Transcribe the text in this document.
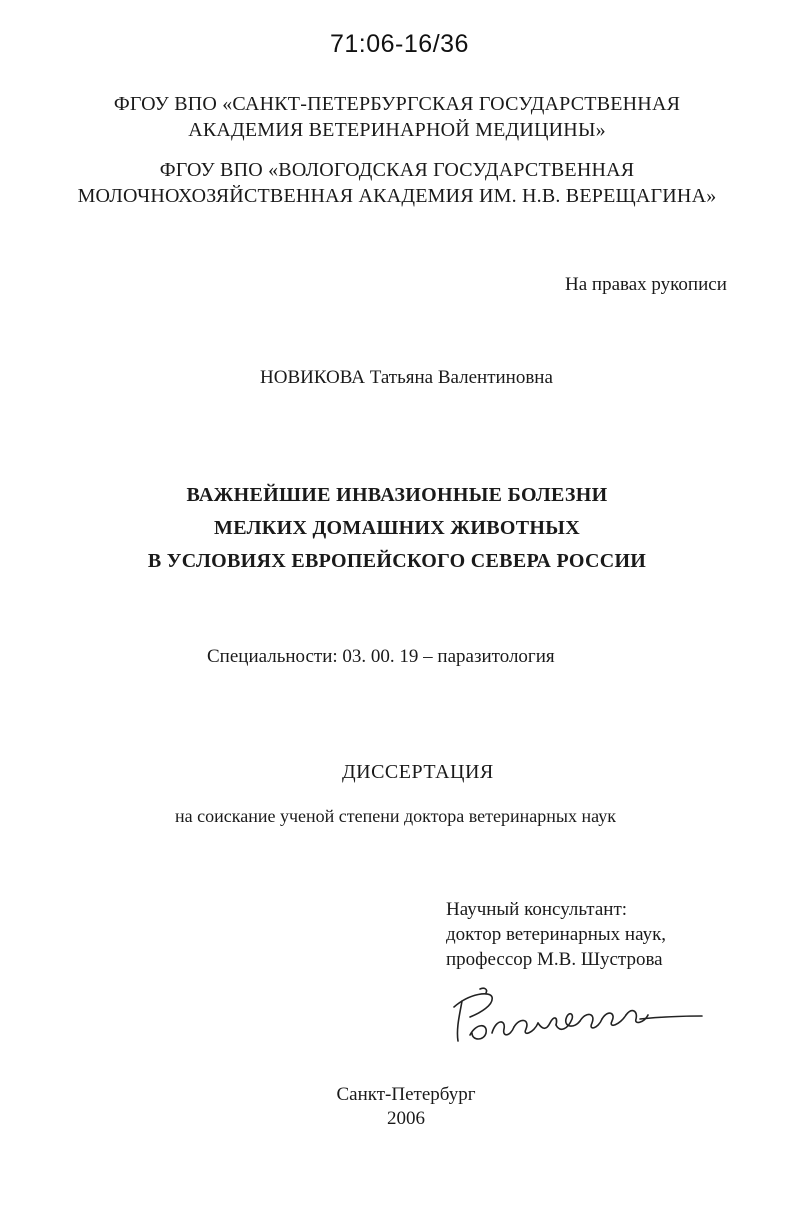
71:06-16/36
ФГОУ ВПО «САНКТ-ПЕТЕРБУРГСКАЯ ГОСУДАРСТВЕННАЯ
АКАДЕМИЯ ВЕТЕРИНАРНОЙ МЕДИЦИНЫ»
ФГОУ ВПО «ВОЛОГОДСКАЯ ГОСУДАРСТВЕННАЯ
МОЛОЧНОХОЗЯЙСТВЕННАЯ АКАДЕМИЯ ИМ. Н.В. ВЕРЕЩАГИНА»
На правах рукописи
НОВИКОВА Татьяна Валентиновна
ВАЖНЕЙШИЕ ИНВАЗИОННЫЕ БОЛЕЗНИ
МЕЛКИХ ДОМАШНИХ ЖИВОТНЫХ
В УСЛОВИЯХ ЕВРОПЕЙСКОГО СЕВЕРА РОССИИ
Специальности: 03. 00. 19 – паразитология
ДИССЕРТАЦИЯ
на соискание ученой степени доктора ветеринарных наук
Научный консультант:
доктор ветеринарных наук,
профессор М.В. Шустрова
Санкт-Петербург
2006
